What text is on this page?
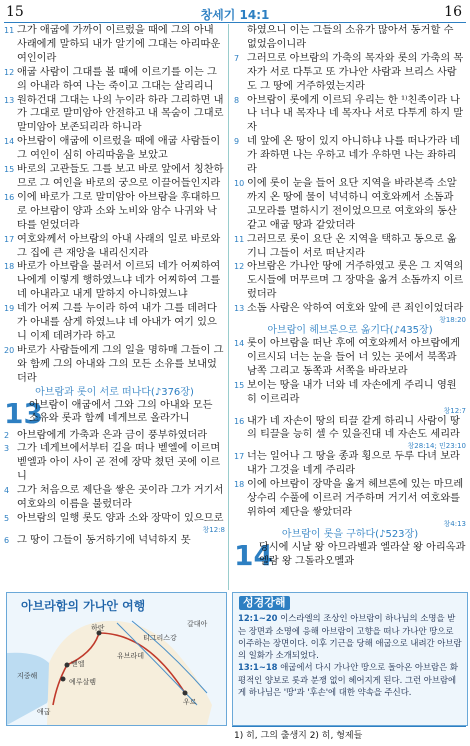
15	창세기 14:1	16

11 그가 애굽에 가까이 이르렀을 때에 그의 아내 사래에게 말하되 내가 알기에 그대는 아리따운 여인이라

12 애굽 사람이 그대를 볼 때에 이르기를 이는 그의 아내라 하여 나는 죽이고 그대는 살리리니

13 원하건대 그대는 나의 누이라 하라 그리하면 내가 그대로 말미암아 안전하고 내 목숨이 그대로 말미암아 보존되리라 하니라

14 아브람이 애굽에 이르렀을 때에 애굽 사람들이 그 여인이 심히 아리따움을 보았고

15 바로의 고관들도 그를 보고 바로 앞에서 칭찬하므로 그 여인을 바로의 궁으로 이끌어들인지라

16 이에 바로가 그로 말미암아 아브람을 후대하므로 아브람이 양과 소와 노비와 암수 나귀와 낙타를 얻었더라

17 여호와께서 아브람의 아내 사래의 일로 바로와 그 집에 큰 재앙을 내리신지라

18 바로가 아브람을 불러서 이르되 네가 어찌하여 나에게 이렇게 행하였느냐 네가 어찌하여 그를 네 아내라고 내게 말하지 아니하였느냐

19 네가 어찌 그를 누이라 하여 내가 그를 데려다가 아내를 삼게 하였느냐 네 아내가 여기 있으니 이제 데려가라 하고

20 바로가 사람들에게 그의 일을 명하매 그들이 그와 함께 그의 아내와 그의 모든 소유를 보내었더라

아브람과 롯이 서로 떠나다(♪376장)

13
아브람이 애굽에서 그와 그의 아내와 모든 소유와 롯과 함께 네게브로 올라가니

2 아브람에게 가축과 은과 금이 풍부하였더라

3 그가 네게브에서부터 길을 떠나 벧엘에 이르며 벧엘과 아이 사이 곧 전에 장막 쳤던 곳에 이르니

4 그가 처음으로 제단을 쌓은 곳이라 그가 거기서 여호와의 이름을 불렀더라

5 아브람의 일행 롯도 양과 소와 장막이 있으므로

창12:8

6 그 땅이 그들이 동거하기에 넉넉하지 못

하였으니 이는 그들의 소유가 많아서 동거할 수 없었음이니라

7 그러므로 아브람의 가축의 목자와 롯의 가축의 목자가 서로 다투고 또 가나안 사람과 브리스 사람도 그 땅에 거주하였는지라

8 아브람이 롯에게 이르되 우리는 한 ¹⁾친족이라 나나 너나 내 목자나 네 목자나 서로 다투게 하지 말자

9 네 앞에 온 땅이 있지 아니하냐 나를 떠나가라 네가 좌하면 나는 우하고 네가 우하면 나는 좌하리라

10 이에 롯이 눈을 들어 요단 지역을 바라본즉 소알까지 온 땅에 물이 넉넉하니 여호와께서 소돔과 고모라를 멸하시기 전이었으므로 여호와의 동산 같고 애굽 땅과 같았더라

11 그러므로 롯이 요단 온 지역을 택하고 동으로 옮기니 그들이 서로 떠난지라

12 아브람은 가나안 땅에 거주하였고 롯은 그 지역의 도시들에 머무르며 그 장막을 옮겨 소돔까지 이르렀더라

13 소돔 사람은 악하여 여호와 앞에 큰 죄인이었더라

창18:20

아브람이 헤브론으로 옮기다(♪435장)

14 롯이 아브람을 떠난 후에 여호와께서 아브람에게 이르시되 너는 눈을 들어 너 있는 곳에서 북쪽과 남쪽 그리고 동쪽과 서쪽을 바라보라

15 보이는 땅을 내가 너와 네 자손에게 주리니 영원히 이르리라

창12:7

16 내가 네 자손이 땅의 티끌 같게 하리니 사람이 땅의 티끌을 능히 셀 수 있을진대 네 자손도 세리라

창28:14; 민23:10

17 너는 일어나 그 땅을 종과 횡으로 두루 다녀 보라 내가 그것을 네게 주리라

18 이에 아브람이 장막을 옮겨 헤브론에 있는 마므레 상수리 수풀에 이르러 거주하며 거기서 여호와를 위하여 제단을 쌓았더라

창4:13

아브람이 롯을 구하다(♪523장)

14
당시에 시날 왕 아므라벨과 엘라살 왕 아리옥과 엘람 왕 그돌라오멜과
아브라함의 가나안 여행
하란
티그리스강
유브라데
지중해
벧엘
예루살렘
애굽
우르
갈대아
성경강해

12:1~20 이스라엘의 조상인 아브람이 하나님의 소명을 받는 장면과 소명에 응해 아브람이 고향을 떠나 가나안 땅으로 이주하는 장면이다. 이후 기근을 당해 애굽으로 내려간 아브람의 일화가 소개되었다.

13:1~18 애굽에서 다시 가나안 땅으로 돌아온 아브람은 화평적인 양보로 롯과 분쟁 없이 헤어지게 된다. 그런 아브람에게 하나님은 '땅'과 '후손'에 대한 약속을 주신다.

1) 히, 그의 출생지 2) 히, 형제들
